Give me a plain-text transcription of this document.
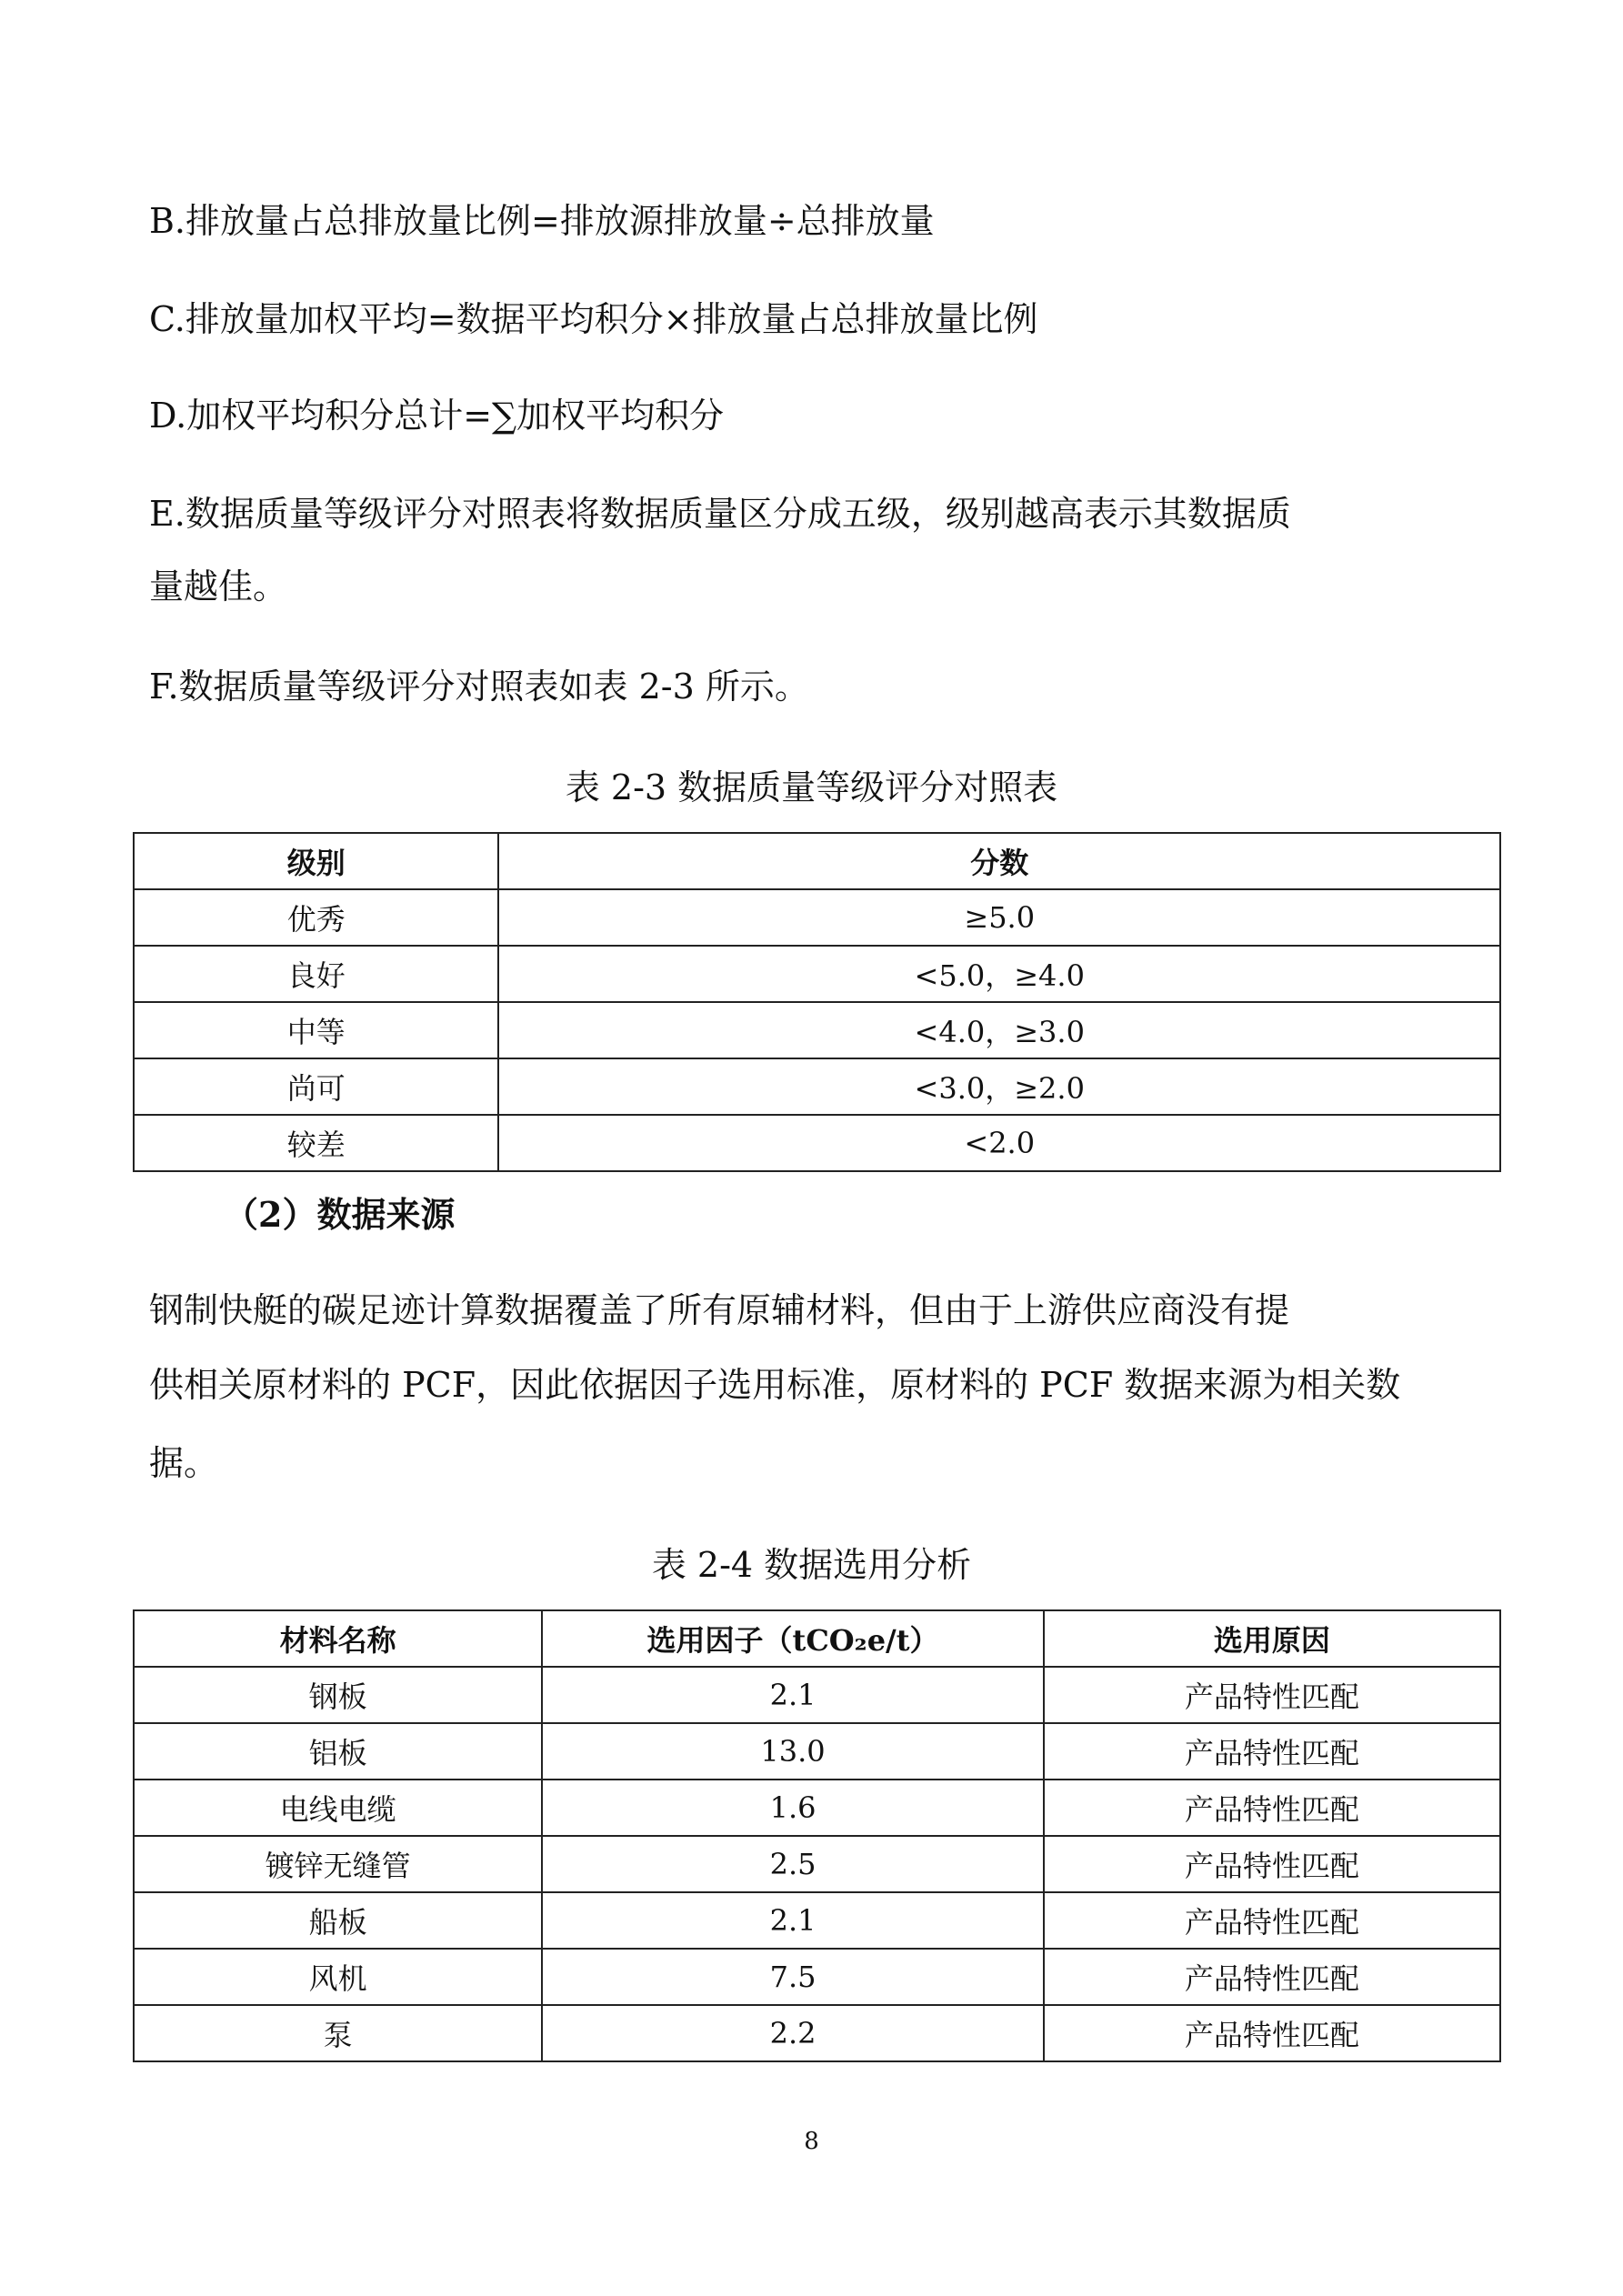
B.排放量占总排放量比例=排放源排放量÷总排放量

C.排放量加权平均=数据平均积分×排放量占总排放量比例

D.加权平均积分总计=∑加权平均积分

E.数据质量等级评分对照表将数据质量区分成五级，级别越高表示其数据质

量越佳。

F.数据质量等级评分对照表如表 2-3 所示。

表 2-3 数据质量等级评分对照表

级别	分数
优秀	≥5.0
良好	<5.0，≥4.0
中等	<4.0，≥3.0
尚可	<3.0，≥2.0
较差	<2.0

（2）数据来源

钢制快艇的碳足迹计算数据覆盖了所有原辅材料，但由于上游供应商没有提

供相关原材料的 PCF，因此依据因子选用标准，原材料的 PCF 数据来源为相关数

据。

表 2-4 数据选用分析

材料名称	选用因子（tCO₂e/t）	选用原因
钢板	2.1	产品特性匹配
铝板	13.0	产品特性匹配
电线电缆	1.6	产品特性匹配
镀锌无缝管	2.5	产品特性匹配
船板	2.1	产品特性匹配
风机	7.5	产品特性匹配
泵	2.2	产品特性匹配
8
